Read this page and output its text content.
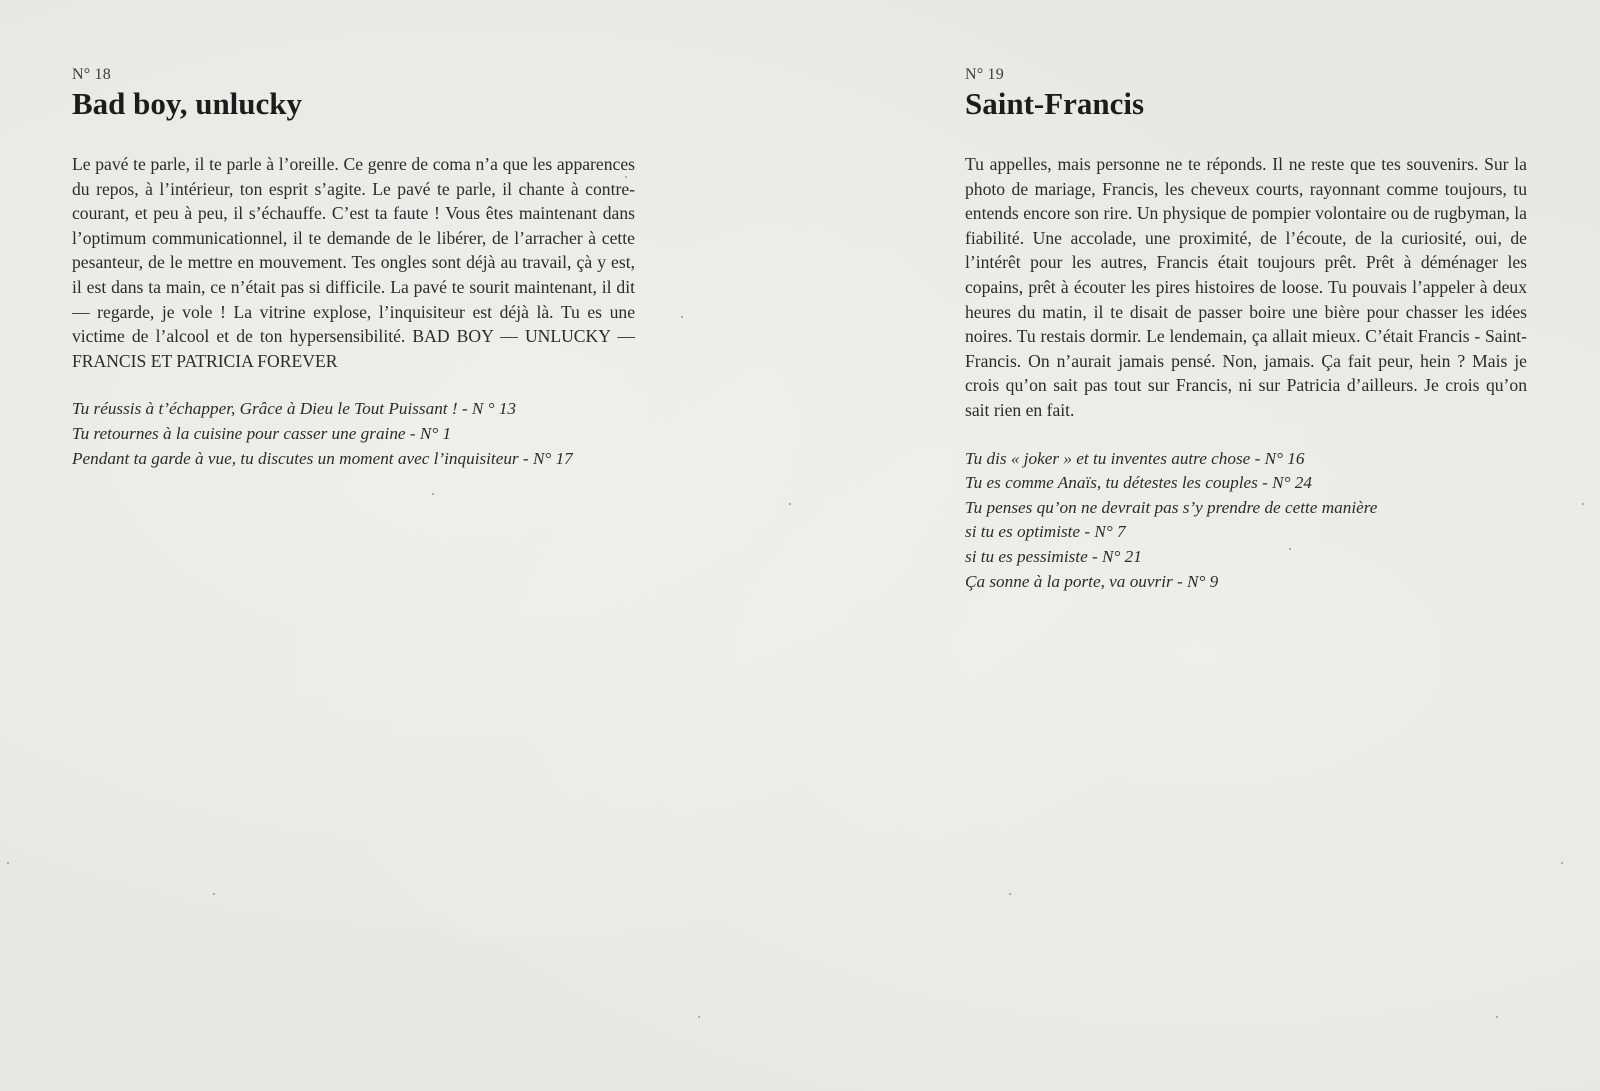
N° 18
Bad boy, unlucky

Le pavé te parle, il te parle à l’oreille. Ce genre de coma n’a que les apparences du repos, à l’intérieur, ton esprit s’agite. Le pavé te parle, il chante à contre-courant, et peu à peu, il s’échauffe. C’est ta faute ! Vous êtes maintenant dans l’optimum communicationnel, il te demande de le libérer, de l’arracher à cette pesanteur, de le mettre en mouvement. Tes ongles sont déjà au travail, çà y est, il est dans ta main, ce n’était pas si difficile. La pavé te sourit maintenant, il dit — regarde, je vole ! La vitrine explose, l’inquisiteur est déjà là. Tu es une victime de l’alcool et de ton hypersensibilité. BAD BOY — UNLUCKY — FRANCIS ET PATRICIA FOREVER

Tu réussis à t’échapper, Grâce à Dieu le Tout Puissant ! - N ° 13
Tu retournes à la cuisine pour casser une graine - N° 1
Pendant ta garde à vue, tu discutes un moment avec l’inquisiteur - N° 17
N° 19
Saint-Francis

Tu appelles, mais personne ne te réponds. Il ne reste que tes souvenirs. Sur la photo de mariage, Francis, les cheveux courts, rayonnant comme toujours, tu entends encore son rire. Un physique de pompier volontaire ou de rugbyman, la fiabilité. Une accolade, une proximité, de l’écoute, de la curiosité, oui, de l’intérêt pour les autres, Francis était toujours prêt. Prêt à déménager les copains, prêt à écouter les pires histoires de loose. Tu pouvais l’appeler à deux heures du matin, il te disait de passer boire une bière pour chasser les idées noires. Tu restais dormir. Le lendemain, ça allait mieux. C’était Francis - Saint-Francis. On n’aurait jamais pensé. Non, jamais. Ça fait peur, hein ? Mais je crois qu’on sait pas tout sur Francis, ni sur Patricia d’ailleurs. Je crois qu’on sait rien en fait.

Tu dis « joker » et tu inventes autre chose - N° 16
Tu es comme Anaïs, tu détestes les couples - N° 24
Tu penses qu’on ne devrait pas s’y prendre de cette manière
si tu es optimiste - N° 7
si tu es pessimiste - N° 21
Ça sonne à la porte, va ouvrir - N° 9
